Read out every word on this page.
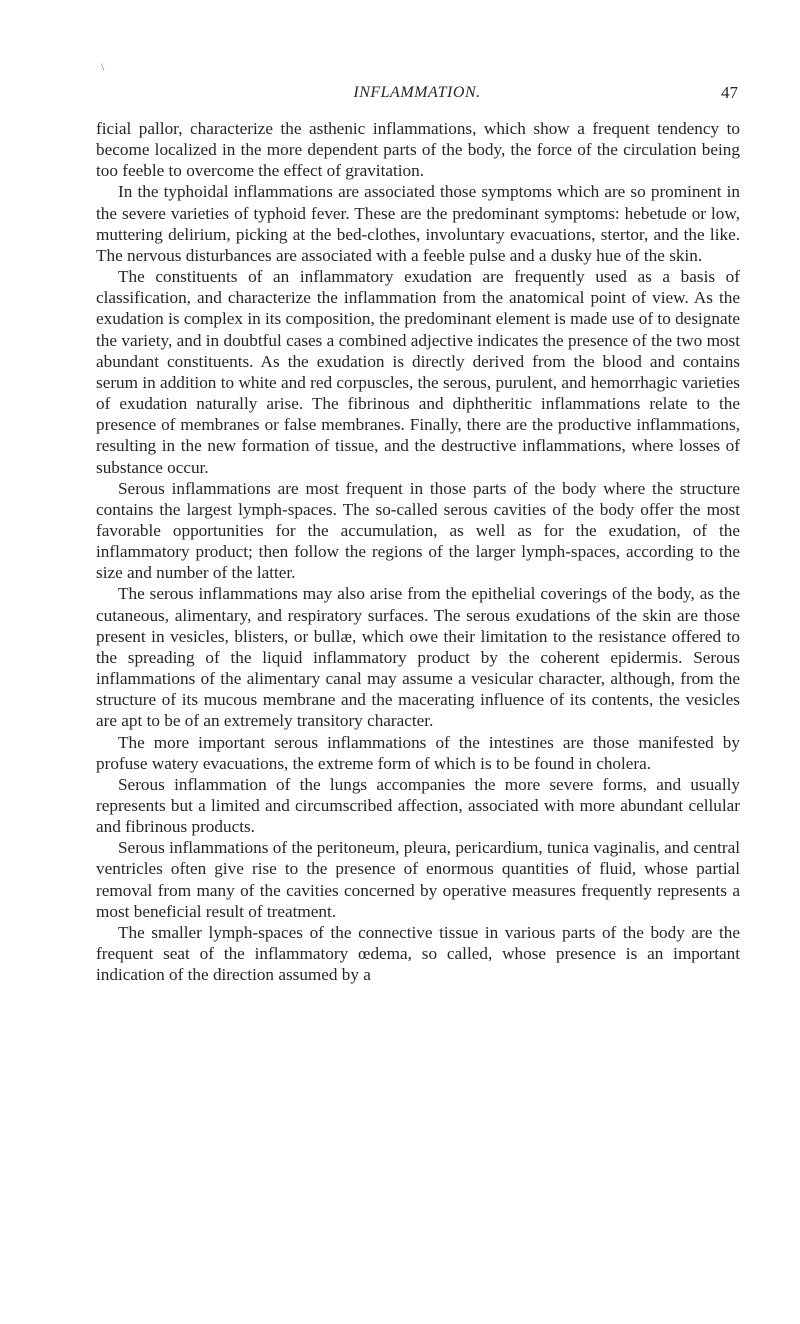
\
INFLAMMATION.	47

ficial pallor, characterize the asthenic inflammations, which show a frequent tendency to become localized in the more dependent parts of the body, the force of the circulation being too feeble to overcome the effect of gravitation.

In the typhoidal inflammations are associated those symptoms which are so prominent in the severe varieties of typhoid fever. These are the predominant symptoms: hebetude or low, muttering delirium, picking at the bed-clothes, involuntary evacuations, stertor, and the like. The nervous disturbances are associated with a feeble pulse and a dusky hue of the skin.

The constituents of an inflammatory exudation are frequently used as a basis of classification, and characterize the inflammation from the anatomical point of view. As the exudation is complex in its composition, the predominant element is made use of to designate the variety, and in doubtful cases a combined adjective indicates the presence of the two most abundant constituents. As the exudation is directly derived from the blood and contains serum in addition to white and red corpuscles, the serous, purulent, and hemorrhagic varieties of exudation naturally arise. The fibrinous and diphtheritic inflammations relate to the presence of membranes or false membranes. Finally, there are the productive inflammations, resulting in the new formation of tissue, and the destructive inflammations, where losses of substance occur.

Serous inflammations are most frequent in those parts of the body where the structure contains the largest lymph-spaces. The so-called serous cavities of the body offer the most favorable opportunities for the accumulation, as well as for the exudation, of the inflammatory product; then follow the regions of the larger lymph-spaces, according to the size and number of the latter.

The serous inflammations may also arise from the epithelial coverings of the body, as the cutaneous, alimentary, and respiratory surfaces. The serous exudations of the skin are those present in vesicles, blisters, or bullæ, which owe their limitation to the resistance offered to the spreading of the liquid inflammatory product by the coherent epidermis. Serous inflammations of the alimentary canal may assume a vesicular character, although, from the structure of its mucous membrane and the macerating influence of its contents, the vesicles are apt to be of an extremely transitory character.

The more important serous inflammations of the intestines are those manifested by profuse watery evacuations, the extreme form of which is to be found in cholera.

Serous inflammation of the lungs accompanies the more severe forms, and usually represents but a limited and circumscribed affection, associated with more abundant cellular and fibrinous products.

Serous inflammations of the peritoneum, pleura, pericardium, tunica vaginalis, and central ventricles often give rise to the presence of enormous quantities of fluid, whose partial removal from many of the cavities concerned by operative measures frequently represents a most beneficial result of treatment.

The smaller lymph-spaces of the connective tissue in various parts of the body are the frequent seat of the inflammatory œdema, so called, whose presence is an important indication of the direction assumed by a
